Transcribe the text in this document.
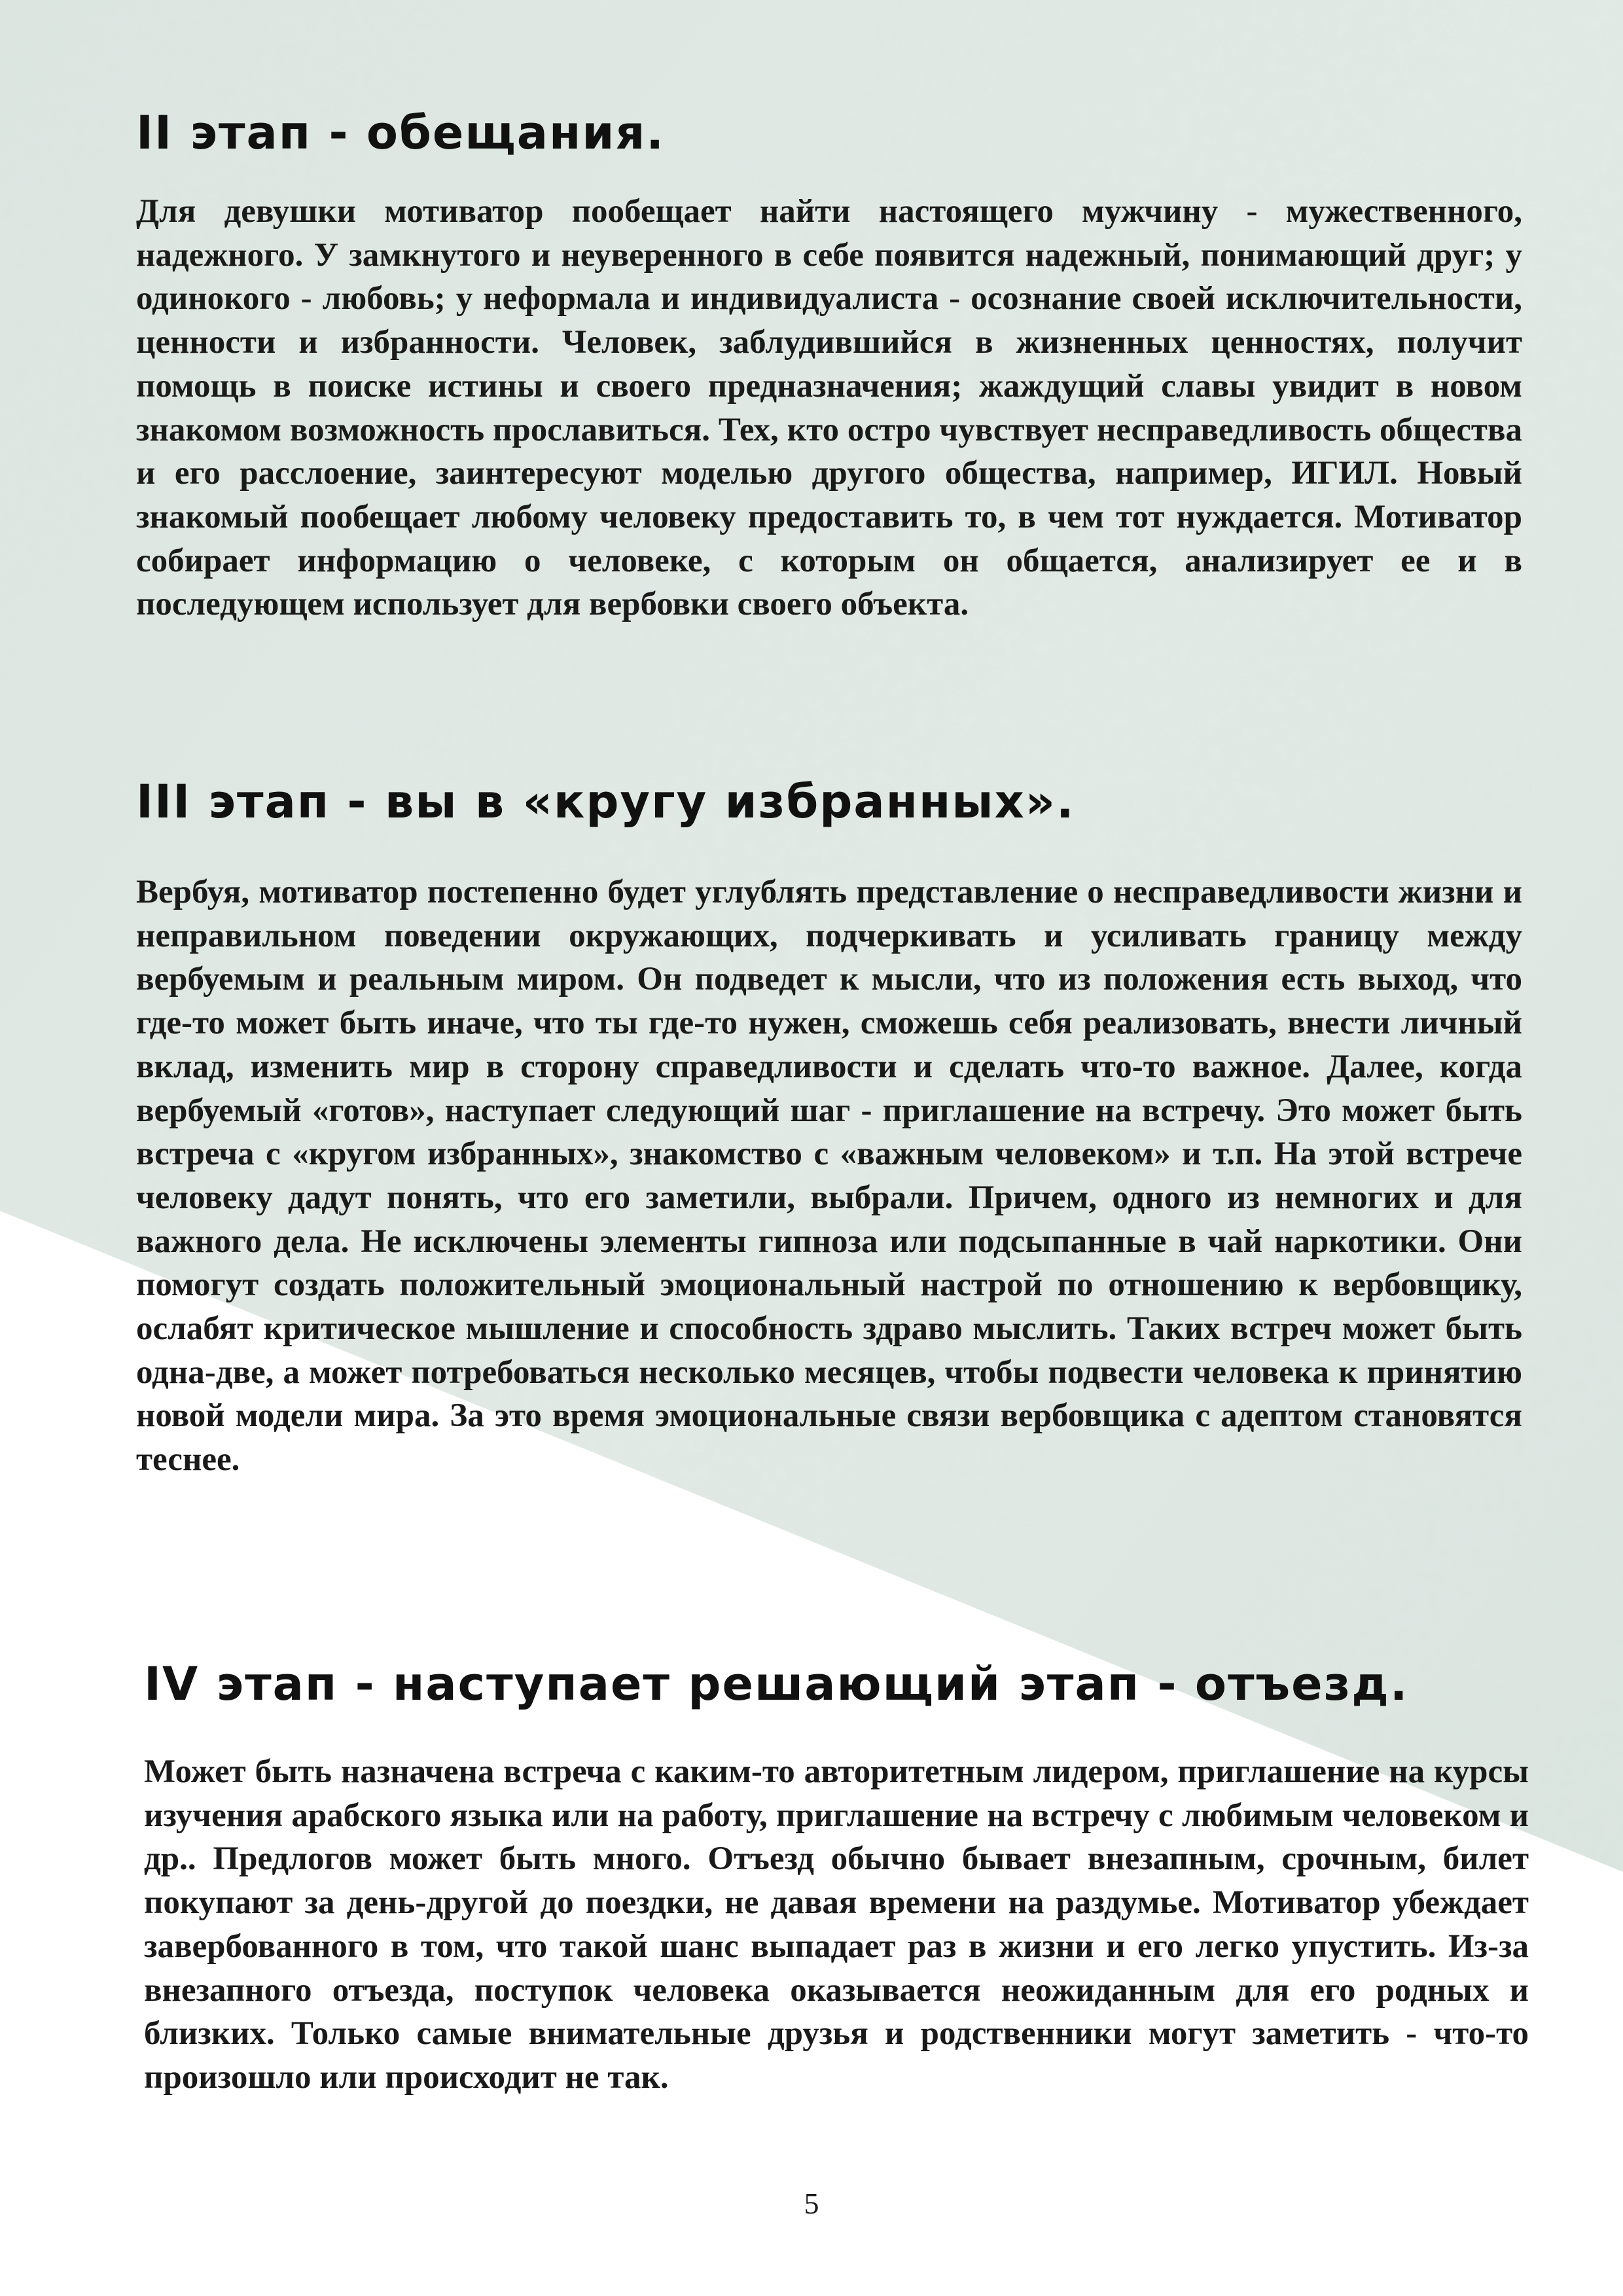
II этап - обещания.

Для девушки мотиватор пообещает найти настоящего мужчину - мужественного, надежного. У замкнутого и неуверенного в себе появится надежный, понимающий друг; у одинокого - любовь; у неформала и индивидуалиста - осознание своей исключительности, ценности и избранности. Человек, заблудившийся в жизненных ценностях, получит помощь в поиске истины и своего предназначения; жаждущий славы увидит в новом знакомом возможность прославиться. Тех, кто остро чувствует несправедливость общества и его расслоение, заинтересуют моделью другого общества, например, ИГИЛ. Новый знакомый пообещает любому человеку предоставить то, в чем тот нуждается. Мотиватор собирает информацию о человеке, с которым он общается, анализирует ее и в последующем использует для вербовки своего объекта.

III этап - вы в «кругу избранных».

Вербуя, мотиватор постепенно будет углублять представление о несправедливости жизни и неправильном поведении окружающих, подчеркивать и усиливать границу между вербуемым и реальным миром. Он подведет к мысли, что из положения есть выход, что где-то может быть иначе, что ты где-то нужен, сможешь себя реализовать, внести личный вклад, изменить мир в сторону справедливости и сделать что-то важное. Далее, когда вербуемый «готов», наступает следующий шаг - приглашение на встречу. Это может быть встреча с «кругом избранных», знакомство с «важным человеком» и т.п. На этой встрече человеку дадут понять, что его заметили, выбрали. Причем, одного из немногих и для важного дела. Не исключены элементы гипноза или подсыпанные в чай наркотики. Они помогут создать положительный эмоциональный настрой по отношению к вербовщику, ослабят критическое мышление и способность здраво мыслить. Таких встреч может быть одна-две, а может потребоваться несколько месяцев, чтобы подвести человека к принятию новой модели мира. За это время эмоциональные связи вербовщика с адептом становятся теснее.

IV этап - наступает решающий этап - отъезд.

Может быть назначена встреча с каким-то авторитетным лидером, приглашение на курсы изучения арабского языка или на работу, приглашение на встречу с любимым человеком и др.. Предлогов может быть много. Отъезд обычно бывает внезапным, срочным, билет покупают за день-другой до поездки, не давая времени на раздумье. Мотиватор убеждает завербованного в том, что такой шанс выпадает раз в жизни и его легко упустить. Из-за внезапного отъезда, поступок человека оказывается неожиданным для его родных и близких. Только самые внимательные друзья и родственники могут заметить - что-то произошло или происходит не так.

5
